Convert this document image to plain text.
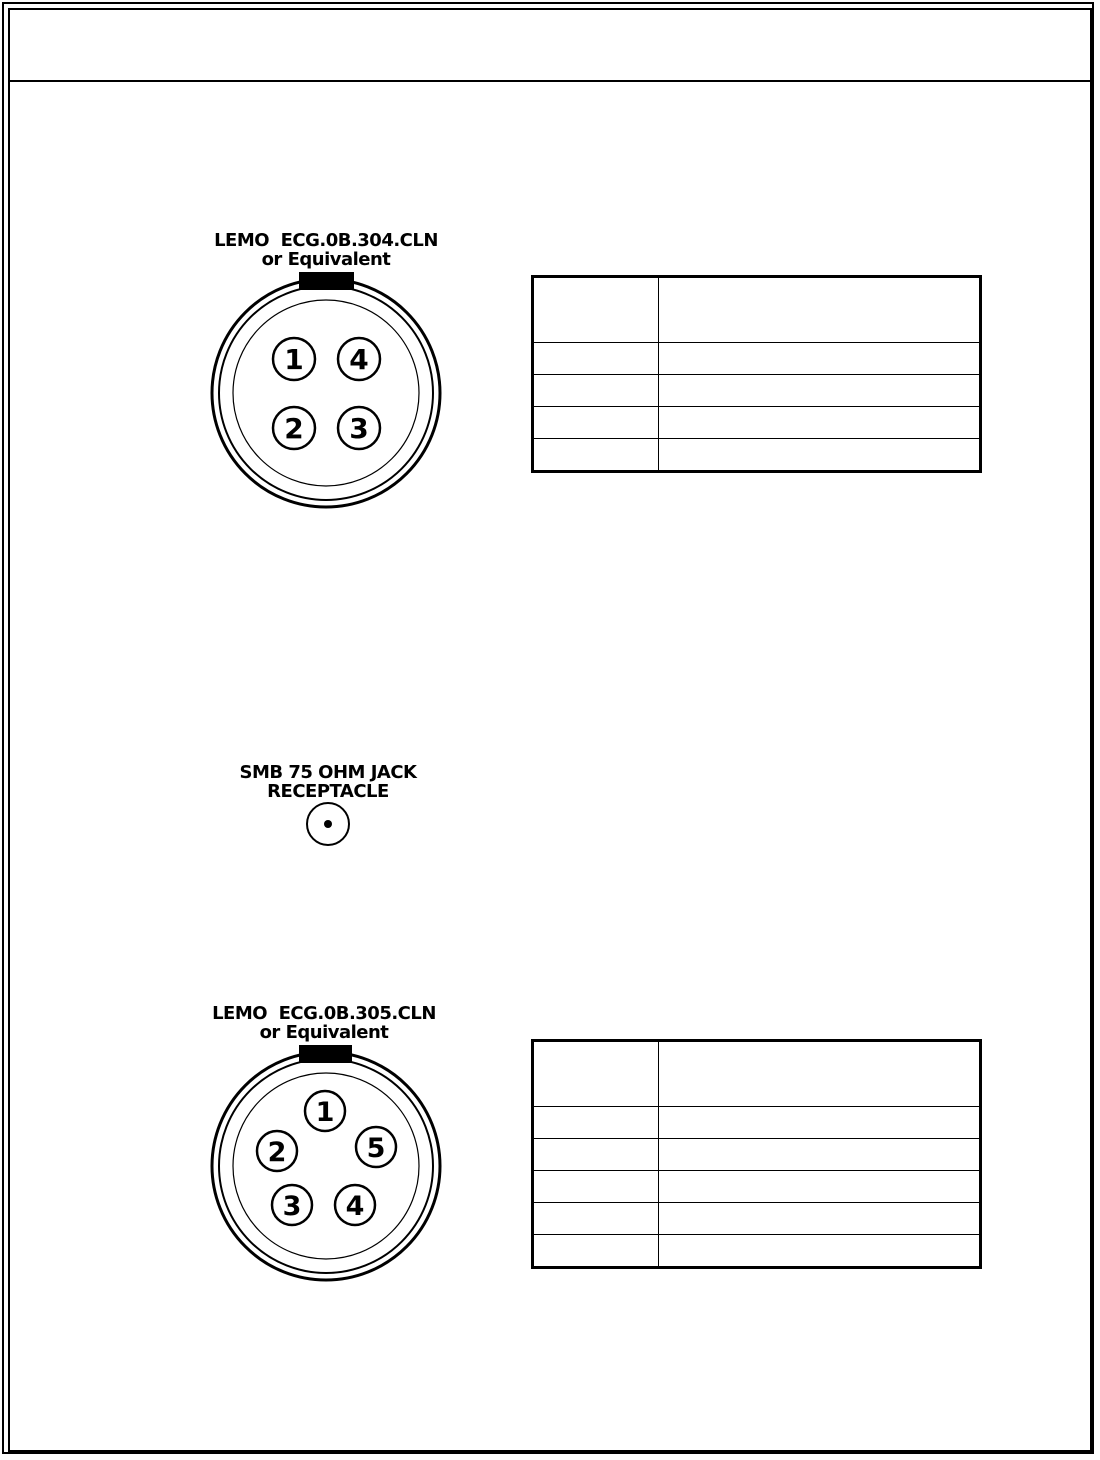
LEMO  ECG.0B.304.CLN
or Equivalent
1 4
2 3

SMB 75 OHM JACK
RECEPTACLE
LEMO  ECG.0B.305.CLN
or Equivalent
1
2	5
3 4
